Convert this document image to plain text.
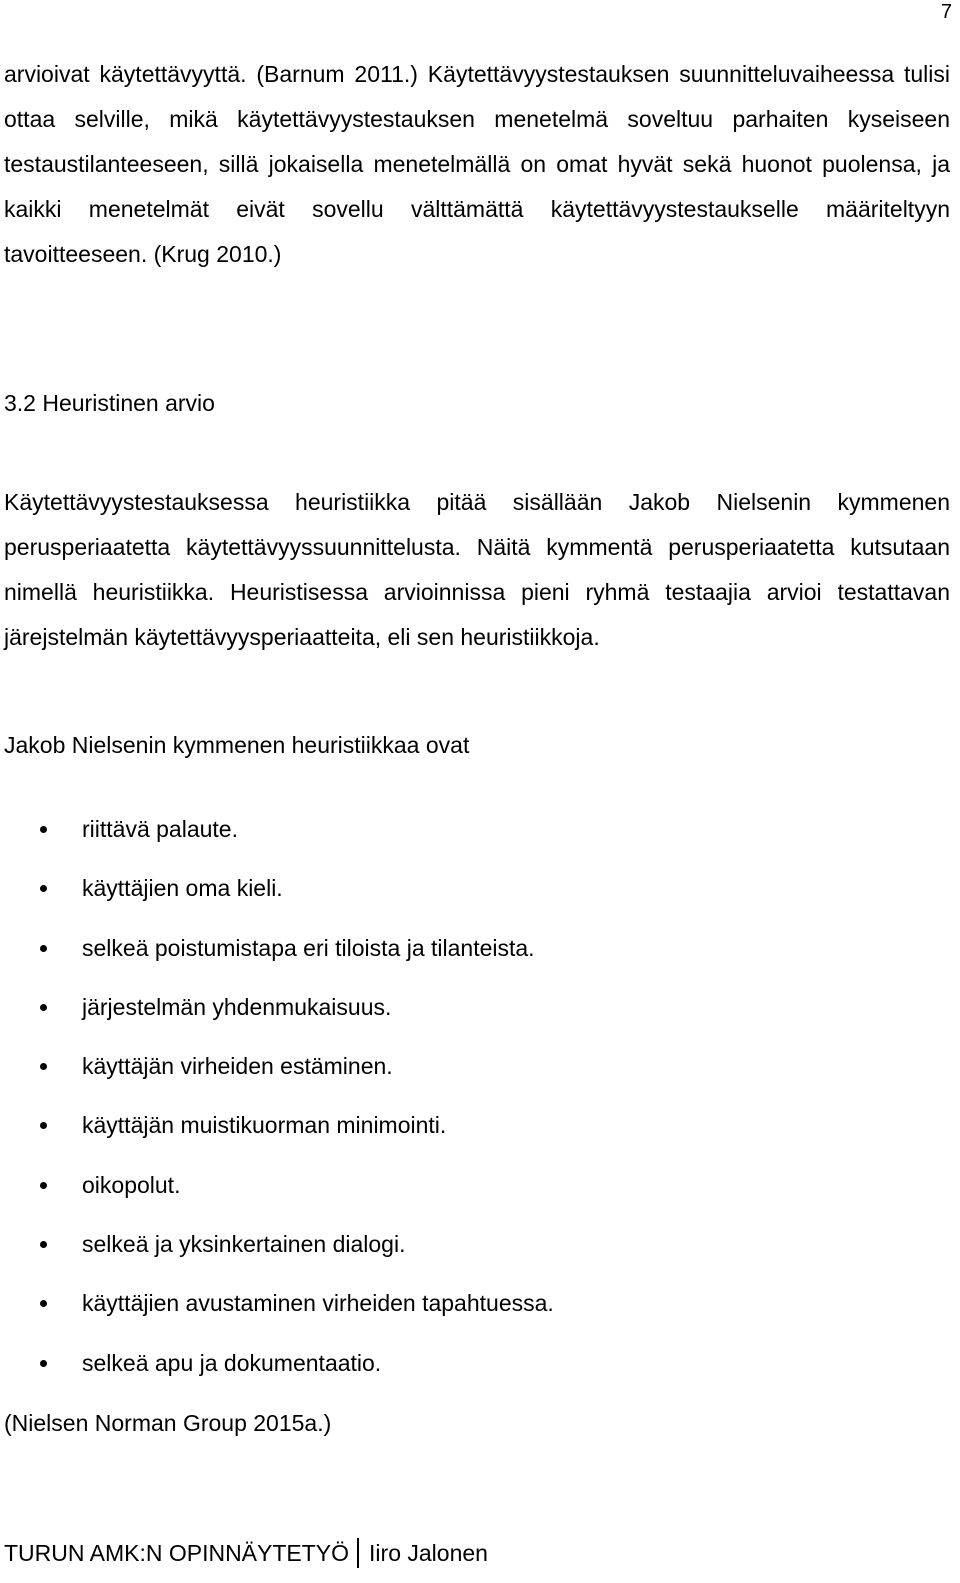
7

arvioivat käytettävyyttä. (Barnum 2011.) Käytettävyystestauksen suunnitteluvaiheessa tulisi ottaa selville, mikä käytettävyystestauksen menetelmä soveltuu parhaiten kyseiseen testaustilanteeseen, sillä jokaisella menetelmällä on omat hyvät sekä huonot puolensa, ja kaikki menetelmät eivät sovellu välttämättä käytettävyystestaukselle määriteltyyn tavoitteeseen. (Krug 2010.)

3.2 Heuristinen arvio

Käytettävyystestauksessa heuristiikka pitää sisällään Jakob Nielsenin kymmenen perusperiaatetta käytettävyyssuunnittelusta. Näitä kymmentä perusperiaatetta kutsutaan nimellä heuristiikka. Heuristisessa arvioinnissa pieni ryhmä testaajia arvioi testattavan järejstelmän käytettävyysperiaatteita, eli sen heuristiikkoja.

Jakob Nielsenin kymmenen heuristiikkaa ovat

riittävä palaute.
käyttäjien oma kieli.
selkeä poistumistapa eri tiloista ja tilanteista.
järjestelmän yhdenmukaisuus.
käyttäjän virheiden estäminen.
käyttäjän muistikuorman minimointi.
oikopolut.
selkeä ja yksinkertainen dialogi.
käyttäjien avustaminen virheiden tapahtuessa.
selkeä apu ja dokumentaatio.

(Nielsen Norman Group 2015a.)

TURUN AMK:N OPINNÄYTETYÖ Iiro Jalonen
